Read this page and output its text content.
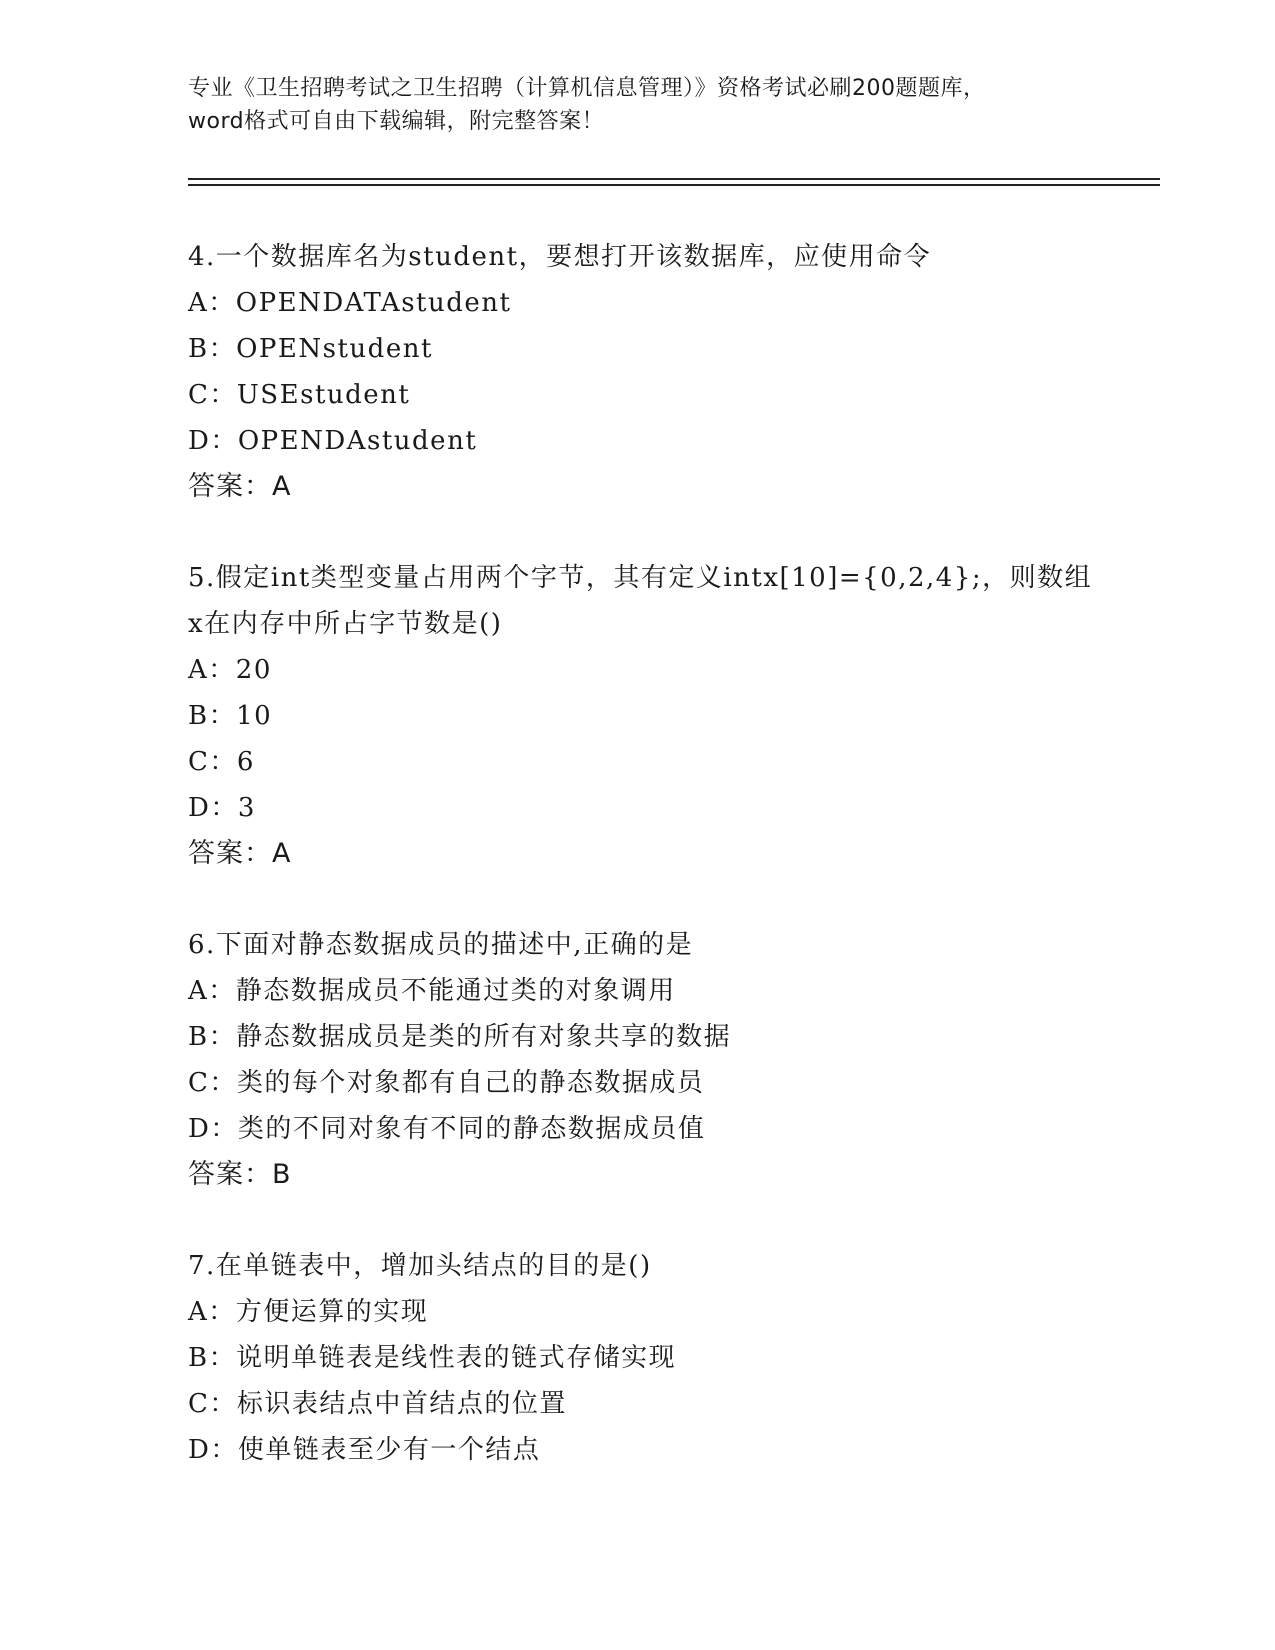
专业《卫生招聘考试之卫生招聘（计算机信息管理）》资格考试必刷200题题库，
word格式可自由下载编辑，附完整答案！
4.一个数据库名为student，要想打开该数据库，应使用命令
A：OPENDATAstudent
B：OPENstudent
C：USEstudent
D：OPENDAstudent
答案：A
5.假定int类型变量占用两个字节，其有定义intx[10]={0,2,4};，则数组x在内存中所占字节数是()
A：20
B：10
C：6
D：3
答案：A
6.下面对静态数据成员的描述中,正确的是
A：静态数据成员不能通过类的对象调用
B：静态数据成员是类的所有对象共享的数据
C：类的每个对象都有自己的静态数据成员
D：类的不同对象有不同的静态数据成员值
答案：B
7.在单链表中，增加头结点的目的是()
A：方便运算的实现
B：说明单链表是线性表的链式存储实现
C：标识表结点中首结点的位置
D：使单链表至少有一个结点
